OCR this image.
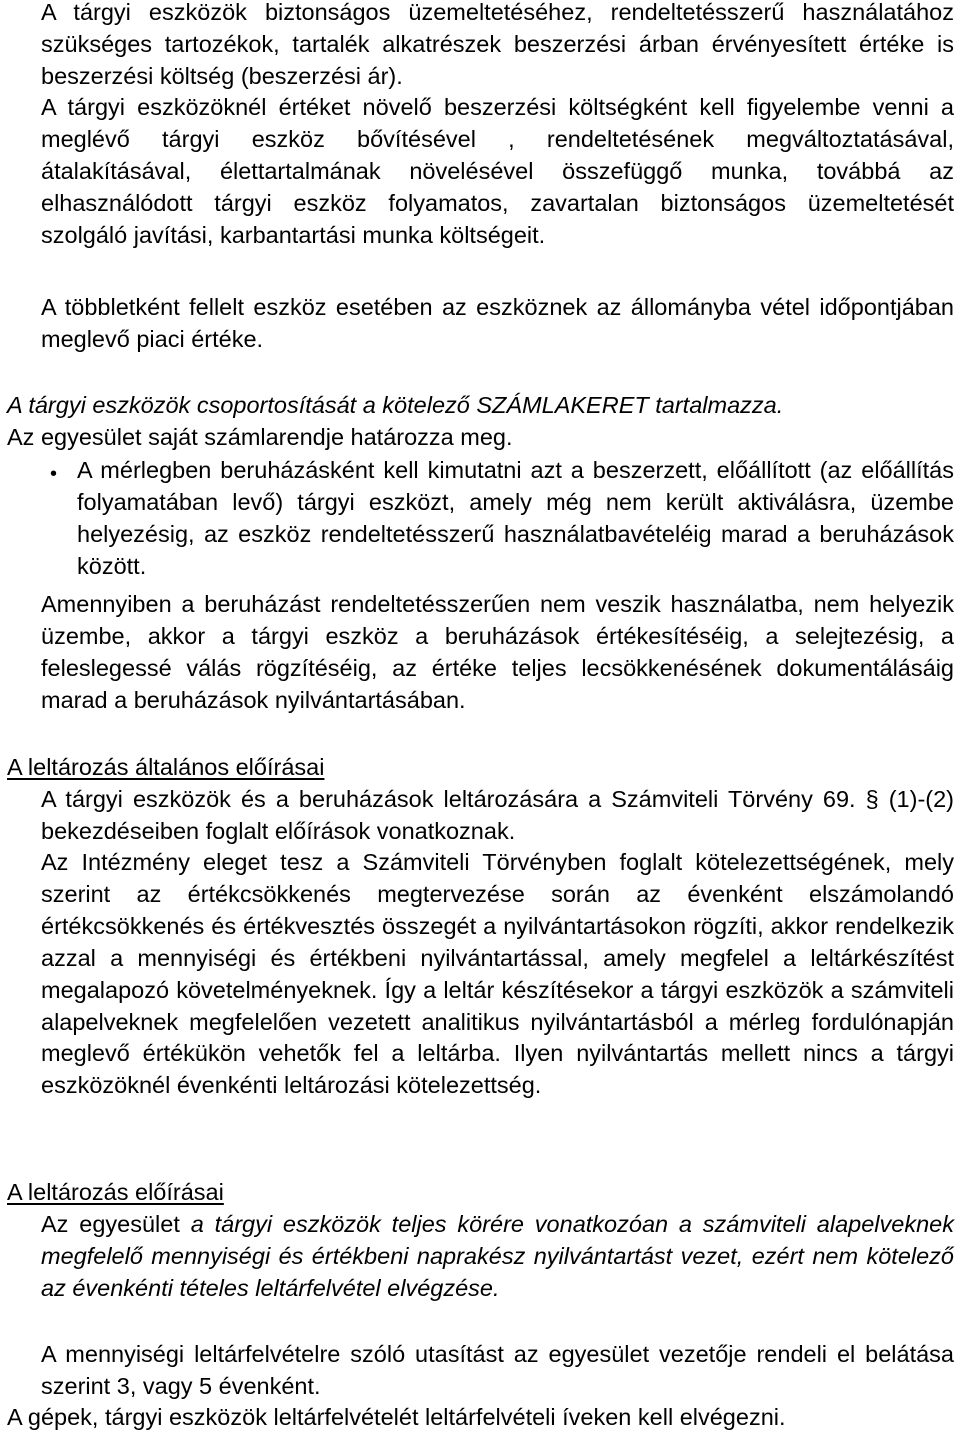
A tárgyi eszközök biztonságos üzemeltetéséhez, rendeltetésszerű használatához szükséges tartozékok, tartalék alkatrészek beszerzési árban érvényesített értéke is beszerzési költség (beszerzési ár).

A tárgyi eszközöknél értéket növelő beszerzési költségként kell figyelembe venni a meglévő tárgyi eszköz bővítésével , rendeltetésének megváltoztatásával, átalakításával, élettartalmának növelésével összefüggő munka, továbbá az elhasználódott tárgyi eszköz folyamatos, zavartalan biztonságos üzemeltetését szolgáló javítási, karbantartási munka költségeit.

A többletként fellelt eszköz esetében az eszköznek az állományba vétel időpontjában meglevő piaci értéke.

A tárgyi eszközök csoportosítását a kötelező SZÁMLAKERET tartalmazza.

Az egyesület saját számlarendje határozza meg.

• A mérlegben beruházásként kell kimutatni azt a beszerzett, előállított (az előállítás folyamatában levő) tárgyi eszközt, amely még nem került aktiválásra, üzembe helyezésig, az eszköz rendeltetésszerű használatbavételéig marad a beruházások között.

Amennyiben a beruházást rendeltetésszerűen nem veszik használatba, nem helyezik üzembe, akkor a tárgyi eszköz a beruházások értékesítéséig, a selejtezésig, a feleslegessé válás rögzítéséig, az értéke teljes lecsökkenésének dokumentálásáig marad a beruházások nyilvántartásában.

A leltározás általános előírásai

A tárgyi eszközök és a beruházások leltározására a Számviteli Törvény 69. § (1)-(2) bekezdéseiben foglalt előírások vonatkoznak.

Az Intézmény eleget tesz a Számviteli Törvényben foglalt kötelezettségének, mely szerint az értékcsökkenés megtervezése során az évenként elszámolandó értékcsökkenés és értékvesztés összegét a nyilvántartásokon rögzíti, akkor rendelkezik azzal a mennyiségi és értékbeni nyilvántartással, amely megfelel a leltárkészítést megalapozó követelményeknek. Így a leltár készítésekor a tárgyi eszközök a számviteli alapelveknek megfelelően vezetett analitikus nyilvántartásból a mérleg fordulónapján meglevő értékükön vehetők fel a leltárba. Ilyen nyilvántartás mellett nincs a tárgyi eszközöknél évenkénti leltározási kötelezettség.

A leltározás előírásai

Az egyesület a tárgyi eszközök teljes körére vonatkozóan a számviteli alapelveknek megfelelő mennyiségi és értékbeni naprakész nyilvántartást vezet, ezért nem kötelező az évenkénti tételes leltárfelvétel elvégzése.

A mennyiségi leltárfelvételre szóló utasítást az egyesület vezetője rendeli el belátása szerint 3, vagy 5 évenként.

A gépek, tárgyi eszközök leltárfelvételét leltárfelvételi íveken kell elvégezni.
